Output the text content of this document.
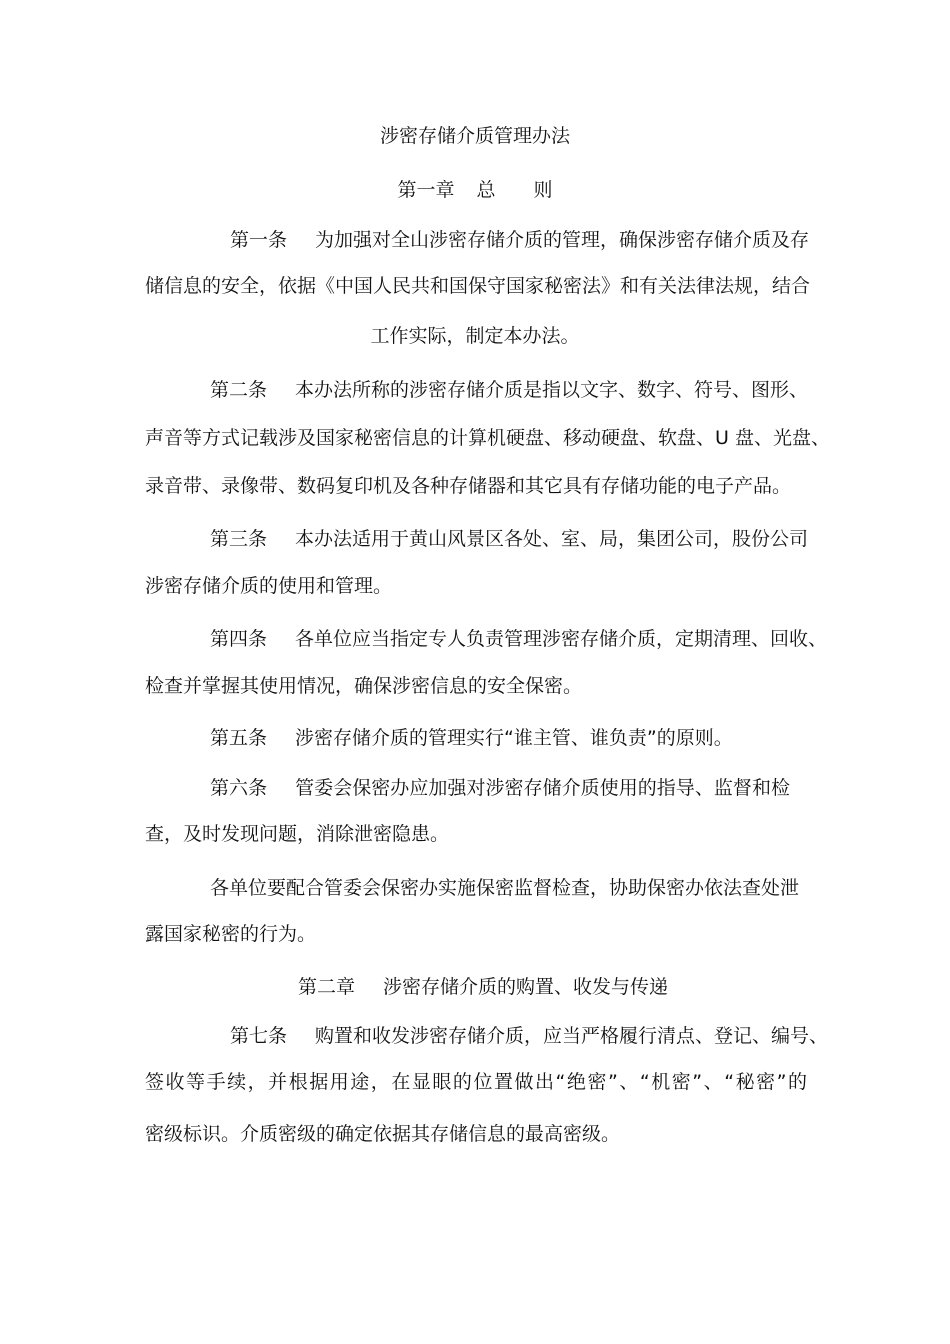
涉密存储介质管理办法
第一章 总　　则
第一条 为加强对全山涉密存储介质的管理，确保涉密存储介质及存
储信息的安全，依据《中国人民共和国保守国家秘密法》和有关法律法规，结合
工作实际，制定本办法。
第二条 本办法所称的涉密存储介质是指以文字、数字、符号、图形、
声音等方式记载涉及国家秘密信息的计算机硬盘、移动硬盘、软盘、U 盘、光盘、
录音带、录像带、数码复印机及各种存储器和其它具有存储功能的电子产品。
第三条 本办法适用于黄山风景区各处、室、局，集团公司，股份公司
涉密存储介质的使用和管理。
第四条 各单位应当指定专人负责管理涉密存储介质，定期清理、回收、
检查并掌握其使用情况，确保涉密信息的安全保密。
第五条 涉密存储介质的管理实行“谁主管、谁负责”的原则。
第六条 管委会保密办应加强对涉密存储介质使用的指导、监督和检
查，及时发现问题，消除泄密隐患。
各单位要配合管委会保密办实施保密监督检查，协助保密办依法查处泄
露国家秘密的行为。
第二章 涉密存储介质的购置、收发与传递
第七条 购置和收发涉密存储介质，应当严格履行清点、登记、编号、
签收等手续，并根据用途，在显眼的位置做出“绝密”、“机密”、“秘密”的
密级标识。介质密级的确定依据其存储信息的最高密级。
